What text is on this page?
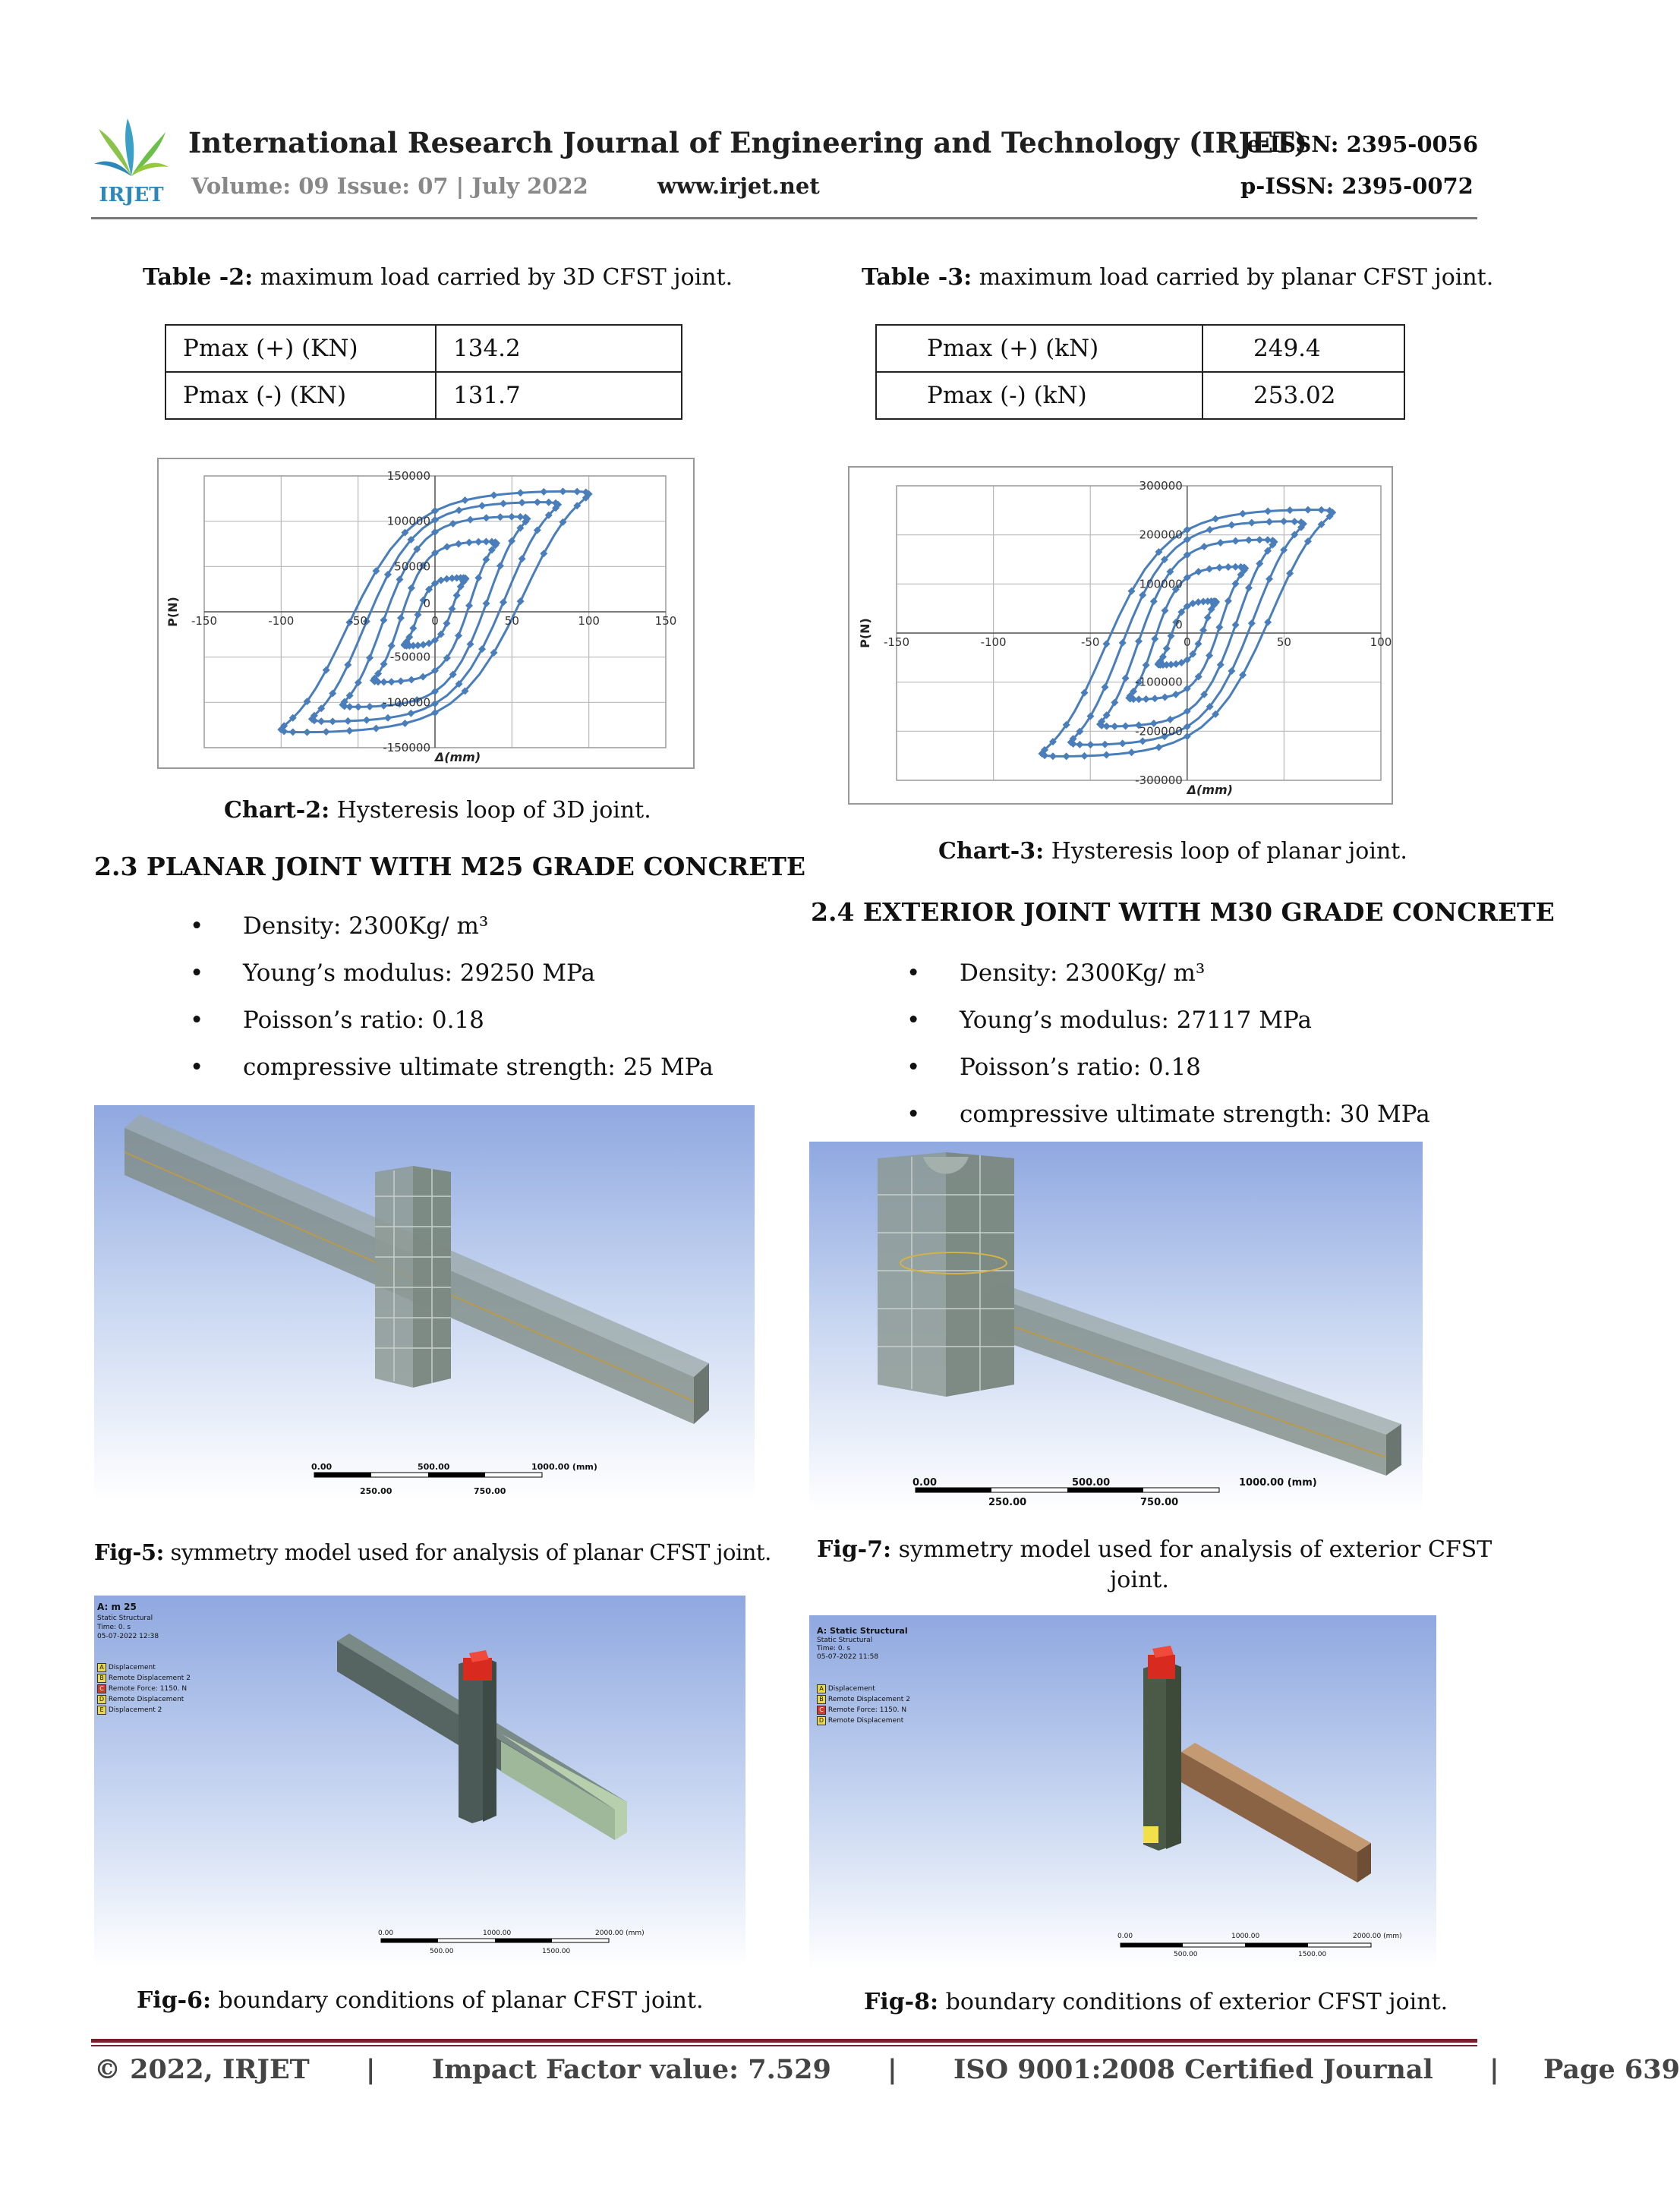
IRJET
International Research Journal of Engineering and Technology (IRJET)
Volume: 09 Issue: 07 | July 2022	www.irjet.net
e-ISSN: 2395-0056
p-ISSN: 2395-0072
Table -2: maximum load carried by 3D CFST joint.
Pmax (+) (KN)	134.2
Pmax (-) (KN)	131.7
Table -3: maximum load carried by planar CFST joint.
Pmax (+) (kN)	249.4
Pmax (-) (kN)	253.02
-150	-100	-50	0	50	100	150
150000
100000
50000
0
-50000
-100000
-150000
P(N)
Δ(mm)
Chart-2: Hysteresis loop of 3D joint.
-150	-100	-50	0	50	100
300000
200000
100000
0
-100000
-200000
-300000
P(N)
Δ(mm)
Chart-3: Hysteresis loop of planar joint.
2.3 PLANAR JOINT WITH M25 GRADE CONCRETE
• Density: 2300Kg/ m³
• Young’s modulus: 29250 MPa
• Poisson’s ratio: 0.18
• compressive ultimate strength: 25 MPa
2.4 EXTERIOR JOINT WITH M30 GRADE CONCRETE
• Density: 2300Kg/ m³
• Young’s modulus: 27117 MPa
• Poisson’s ratio: 0.18
• compressive ultimate strength: 30 MPa
0.00	500.00	1000.00 (mm)
250.00	750.00
Fig-5: symmetry model used for analysis of planar CFST joint.
0.00	500.00	1000.00 (mm)
250.00	750.00
Fig-7: symmetry model used for analysis of exterior CFST
joint.
A: m 25
Static Structural
Time: 0. s
05-07-2022 12:38
A Displacement
B Remote Displacement 2
C Remote Force: 1150. N
D Remote Displacement
E Displacement 2
0.00	1000.00	2000.00 (mm)
500.00	1500.00
Fig-6: boundary conditions of planar CFST joint.
A: Static Structural
Static Structural
Time: 0. s
05-07-2022 11:58
A Displacement
B Remote Displacement 2
C Remote Force: 1150. N
D Remote Displacement
0.00	1000.00	2000.00 (mm)
500.00	1500.00
Fig-8: boundary conditions of exterior CFST joint.
© 2022, IRJET | Impact Factor value: 7.529 | ISO 9001:2008 Certified Journal | Page 639
